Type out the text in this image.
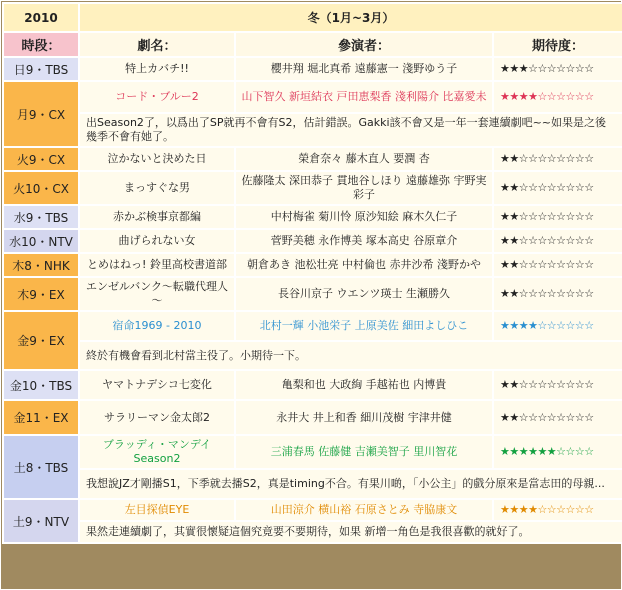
2010	冬（1月~3月）		
時段：	劇名：	參演者：	期待度：
日9・TBS	特上カバチ!!	櫻井翔 堀北真希 遠藤憲一 淺野ゆう子	★★★☆☆☆☆☆☆☆
月9・CX	コード・ブルー2	山下智久 新垣結衣 戸田恵梨香 淺利陽介 比嘉愛未	★★★★☆☆☆☆☆☆
	出Season2了，以爲出了SP就再不會有S2，估計錯誤。Gakki該不會又是一年一套連續劇吧~~如果是之後幾季不會有她了。		
火9・CX	泣かないと決めた日	榮倉奈々 藤木直人 要潤 杏	★★☆☆☆☆☆☆☆☆
火10・CX	まっすぐな男	佐藤隆太 深田恭子 貫地谷しほり 遠藤雄弥 宇野実彩子	★★☆☆☆☆☆☆☆☆
水9・TBS	赤かぶ検事京都編	中村梅雀 菊川怜 原沙知絵 麻木久仁子	★★☆☆☆☆☆☆☆☆
水10・NTV	曲げられない女	菅野美穂 永作博美 塚本高史 谷原章介	★★☆☆☆☆☆☆☆☆
木8・NHK	とめはねっ! 鈴里高校書道部	朝倉あき 池松壮亮 中村倫也 赤井沙希 淺野かや	★★☆☆☆☆☆☆☆☆
木9・EX	エンゼルバンク～転職代理人～	長谷川京子 ウエンツ瑛士 生瀬勝久	★★☆☆☆☆☆☆☆☆
金9・EX	宿命1969 - 2010	北村一輝 小池栄子 上原美佐 細田よしひこ	★★★★☆☆☆☆☆☆
	終於有機會看到北村當主役了。小期待一下。		
金10・TBS	ヤマトナデシコ七変化	亀梨和也 大政絢 手越祐也 内博貴	★★☆☆☆☆☆☆☆☆
金11・EX	サラリーマン金太郎2	永井大 井上和香 細川茂樹 宇津井健	★★☆☆☆☆☆☆☆☆
土8・TBS	ブラッディ・マンデイSeason2	三浦春馬 佐藤健 吉瀬美智子 里川智花	★★★★★★☆☆☆☆
	我想說JZ才剛播S1，下季就去播S2，真是timing不合。有果川啲，「小公主」的戲分原來是當志田的母親...		
土9・NTV	左目探偵EYE	山田涼介 横山裕 石原さとみ 寺脇康文	★★★★☆☆☆☆☆☆
	果然走連續劇了，其實很懷疑這個究竟要不要期待，如果 新增一角色是我很喜歡的就好了。		
